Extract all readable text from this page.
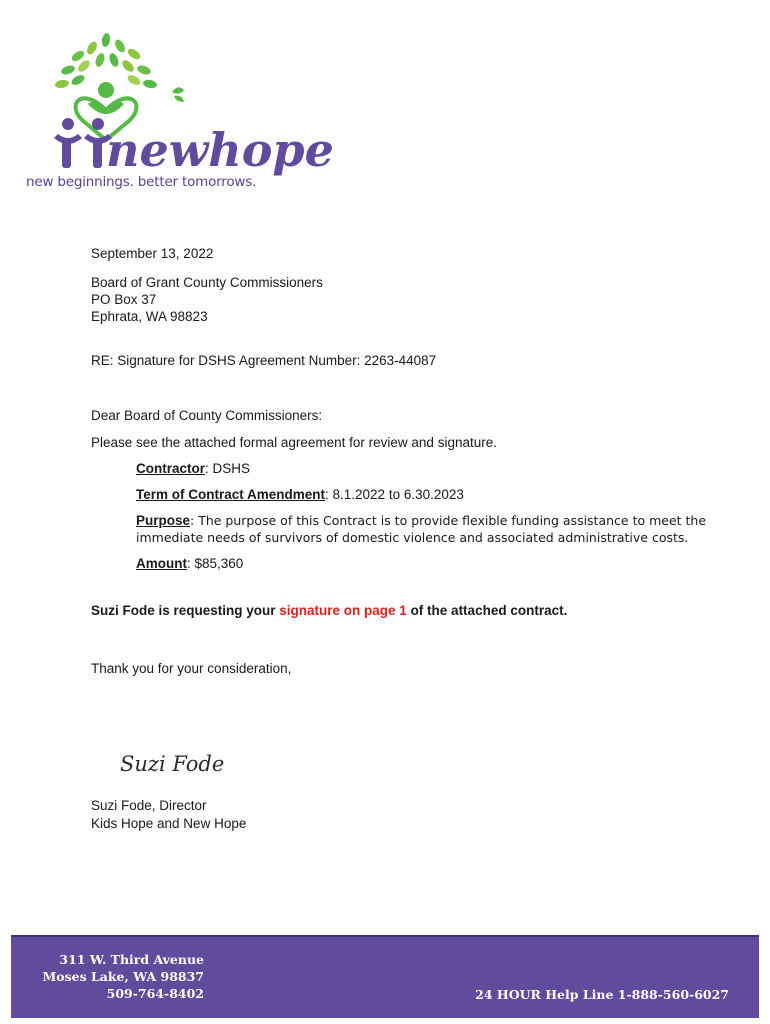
newhope
new beginnings. better tomorrows.

September 13, 2022

Board of Grant County Commissioners

PO Box 37

Ephrata, WA 98823

RE: Signature for DSHS Agreement Number: 2263-44087

Dear Board of County Commissioners:

Please see the attached formal agreement for review and signature.

Contractor: DSHS

Term of Contract Amendment: 8.1.2022 to 6.30.2023

Purpose: The purpose of this Contract is to provide flexible funding assistance to meet the immediate needs of survivors of domestic violence and associated administrative costs.

Amount: $85,360

Suzi Fode is requesting your signature on page 1 of the attached contract.

Thank you for your consideration,

Suzi Fode

Suzi Fode, Director

Kids Hope and New Hope

311 W. Third Avenue
Moses Lake, WA 98837
509-764-8402	24 HOUR Help Line 1-888-560-6027
